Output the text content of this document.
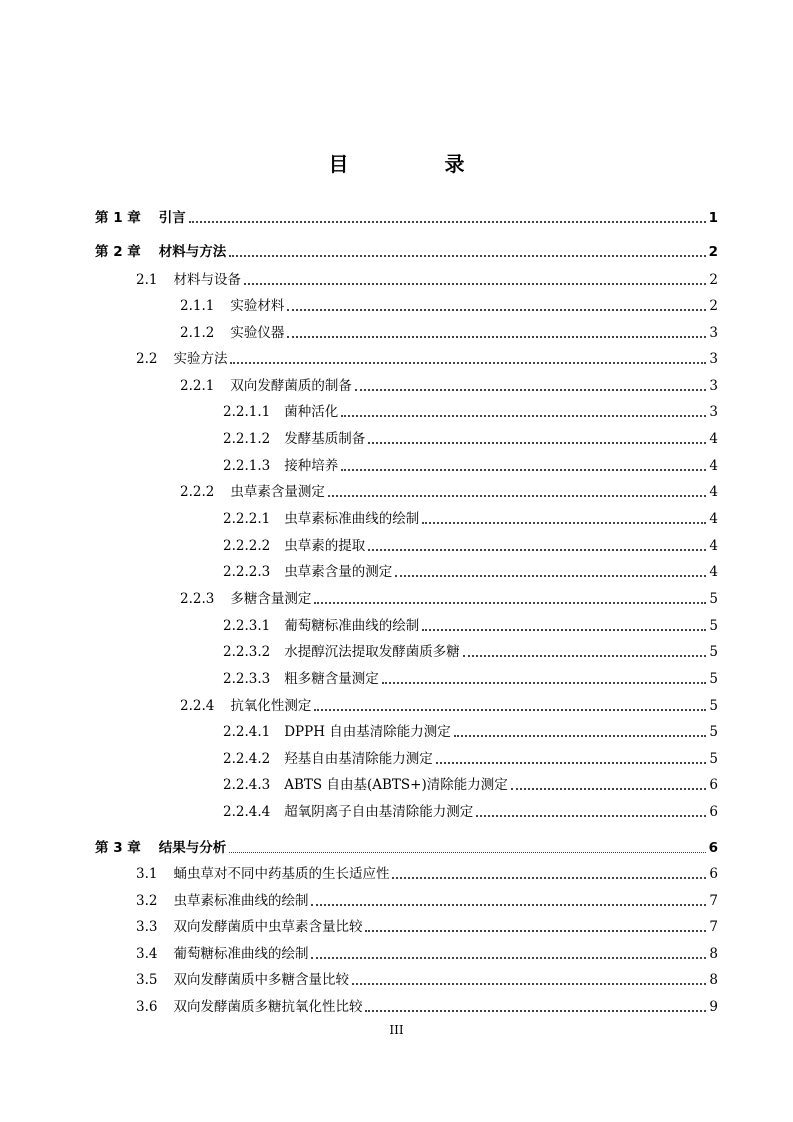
目　录
第 1 章 引言	1
第 2 章 材料与方法	2
2.1 材料与设备	2
2.1.1 实验材料	2
2.1.2 实验仪器	3
2.2 实验方法	3
2.2.1 双向发酵菌质的制备	3
2.2.1.1 菌种活化	3
2.2.1.2 发酵基质制备	4
2.2.1.3 接种培养	4
2.2.2 虫草素含量测定	4
2.2.2.1 虫草素标准曲线的绘制	4
2.2.2.2 虫草素的提取	4
2.2.2.3 虫草素含量的测定	4
2.2.3 多糖含量测定	5
2.2.3.1 葡萄糖标准曲线的绘制	5
2.2.3.2 水提醇沉法提取发酵菌质多糖	5
2.2.3.3 粗多糖含量测定	5
2.2.4 抗氧化性测定	5
2.2.4.1 DPPH 自由基清除能力测定	5
2.2.4.2 羟基自由基清除能力测定	5
2.2.4.3 ABTS 自由基(ABTS+)清除能力测定	6
2.2.4.4 超氧阴离子自由基清除能力测定	6
第 3 章 结果与分析	6
3.1 蛹虫草对不同中药基质的生长适应性	6
3.2 虫草素标准曲线的绘制	7
3.3 双向发酵菌质中虫草素含量比较	7
3.4 葡萄糖标准曲线的绘制	8
3.5 双向发酵菌质中多糖含量比较	8
3.6 双向发酵菌质多糖抗氧化性比较	9
III
